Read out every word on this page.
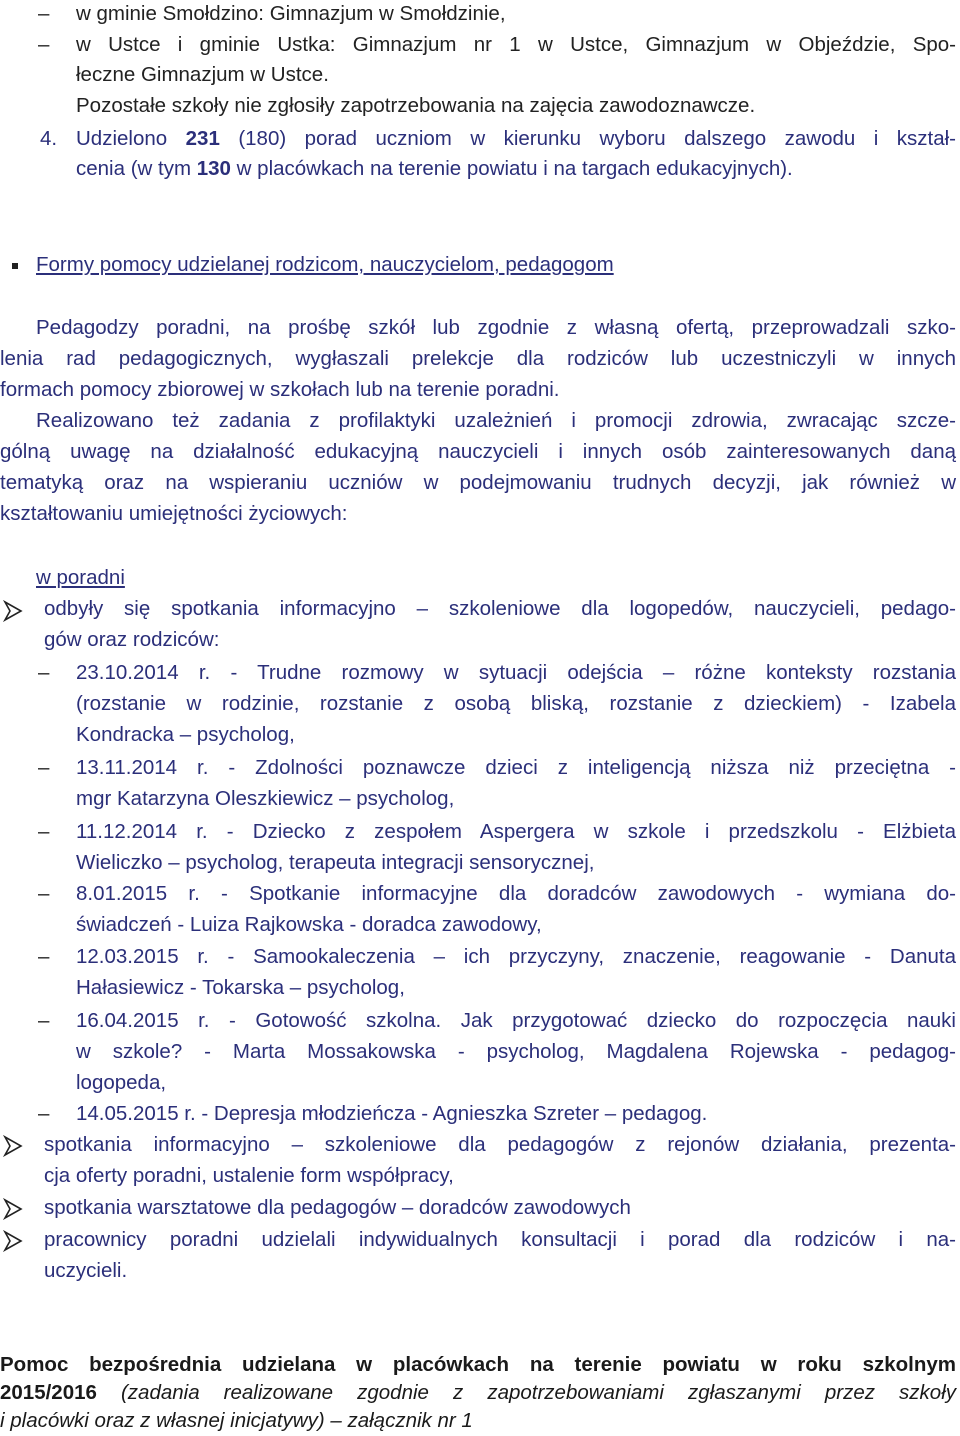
– w gminie Smołdzino: Gimnazjum w Smołdzinie,
– w Ustce i gminie Ustka: Gimnazjum nr 1 w Ustce, Gimnazjum w Objeździe, Spo-
łeczne Gimnazjum w Ustce.
Pozostałe szkoły nie zgłosiły zapotrzebowania na zajęcia zawodoznawcze.
4. Udzielono 231 (180) porad uczniom w kierunku wyboru dalszego zawodu i kształ-
cenia (w tym 130 w placówkach na terenie powiatu i na targach edukacyjnych).
Formy pomocy udzielanej rodzicom, nauczycielom, pedagogom
Pedagodzy poradni, na prośbę szkół lub zgodnie z własną ofertą, przeprowadzali szko-
lenia rad pedagogicznych, wygłaszali prelekcje dla rodziców lub uczestniczyli w innych
formach pomocy zbiorowej w szkołach lub na terenie poradni.
Realizowano też zadania z profilaktyki uzależnień i promocji zdrowia, zwracając szcze-
gólną uwagę na działalność edukacyjną nauczycieli i innych osób zainteresowanych daną
tematyką oraz na wspieraniu uczniów w podejmowaniu trudnych decyzji, jak również w
kształtowaniu umiejętności życiowych:
w poradni
odbyły się spotkania informacyjno – szkoleniowe dla logopedów, nauczycieli, pedago-
gów oraz rodziców:
– 23.10.2014 r. - Trudne rozmowy w sytuacji odejścia – różne konteksty rozstania
(rozstanie w rodzinie, rozstanie z osobą bliską, rozstanie z dzieckiem) - Izabela
Kondracka – psycholog,
– 13.11.2014 r. - Zdolności poznawcze dzieci z inteligencją niższa niż przeciętna -
mgr Katarzyna Oleszkiewicz – psycholog,
– 11.12.2014 r. - Dziecko z zespołem Aspergera w szkole i przedszkolu - Elżbieta
Wieliczko – psycholog, terapeuta integracji sensorycznej,
– 8.01.2015 r. - Spotkanie informacyjne dla doradców zawodowych - wymiana do-
świadczeń - Luiza Rajkowska - doradca zawodowy,
– 12.03.2015 r. - Samookaleczenia – ich przyczyny, znaczenie, reagowanie - Danuta
Hałasiewicz - Tokarska – psycholog,
– 16.04.2015 r. - Gotowość szkolna. Jak przygotować dziecko do rozpoczęcia nauki
w szkole? - Marta Mossakowska - psycholog, Magdalena Rojewska - pedagog-
logopeda,
– 14.05.2015 r. - Depresja młodzieńcza - Agnieszka Szreter – pedagog.
spotkania informacyjno – szkoleniowe dla pedagogów z rejonów działania, prezenta-
cja oferty poradni, ustalenie form współpracy,
spotkania warsztatowe dla pedagogów – doradców zawodowych
pracownicy poradni udzielali indywidualnych konsultacji i porad dla rodziców i na-
uczycieli.
Pomoc bezpośrednia udzielana w placówkach na terenie powiatu w roku szkolnym
2015/2016 (zadania realizowane zgodnie z zapotrzebowaniami zgłaszanymi przez szkoły
i placówki oraz z własnej inicjatywy) – załącznik nr 1
